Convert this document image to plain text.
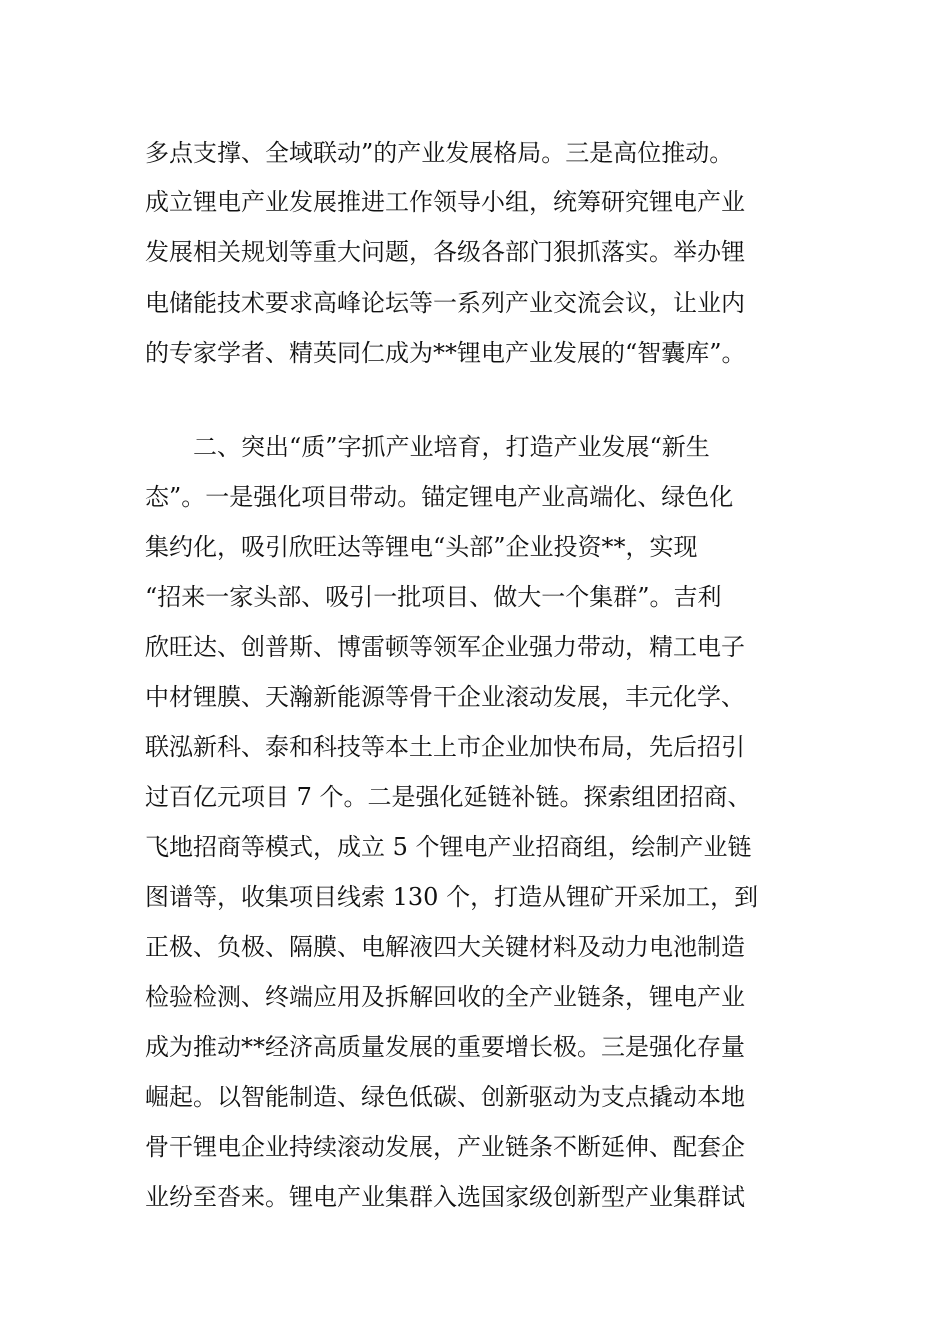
多点支撑、全域联动”的产业发展格局。三是高位推动。
成立锂电产业发展推进工作领导小组，统筹研究锂电产业
发展相关规划等重大问题，各级各部门狠抓落实。举办锂
电储能技术要求高峰论坛等一系列产业交流会议，让业内
的专家学者、精英同仁成为**锂电产业发展的“智囊库”。
二、突出“质”字抓产业培育，打造产业发展“新生
态”。一是强化项目带动。锚定锂电产业高端化、绿色化
集约化，吸引欣旺达等锂电“头部”企业投资**，实现
“招来一家头部、吸引一批项目、做大一个集群”。吉利
欣旺达、创普斯、博雷顿等领军企业强力带动，精工电子
中材锂膜、天瀚新能源等骨干企业滚动发展，丰元化学、
联泓新科、泰和科技等本土上市企业加快布局，先后招引
过百亿元项目 7 个。二是强化延链补链。探索组团招商、
飞地招商等模式，成立 5 个锂电产业招商组，绘制产业链
图谱等，收集项目线索 130 个，打造从锂矿开采加工，到
正极、负极、隔膜、电解液四大关键材料及动力电池制造
检验检测、终端应用及拆解回收的全产业链条，锂电产业
成为推动**经济高质量发展的重要增长极。三是强化存量
崛起。以智能制造、绿色低碳、创新驱动为支点撬动本地
骨干锂电企业持续滚动发展，产业链条不断延伸、配套企
业纷至沓来。锂电产业集群入选国家级创新型产业集群试
